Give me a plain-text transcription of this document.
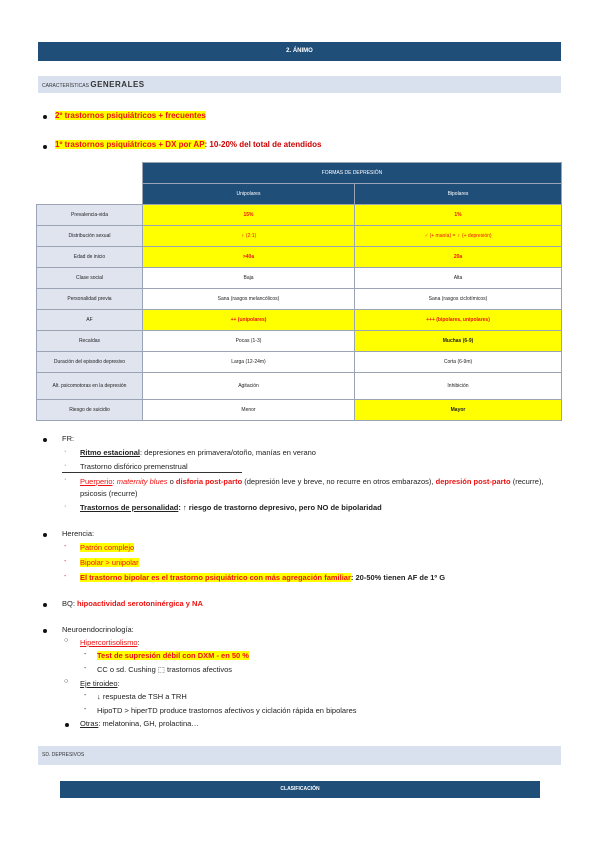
2. ÁNIMO
CARACTERÍSTICAS GENERALES
2º trastornos psiquiátricos + frecuentes
1º trastornos psiquiátricos + DX por AP: 10-20% del total de atendidos
	FORMAS DE DEPRESIÓN	
	Unipolares	Bipolares
Prevalencia-vida	15%	1%
Distribución sexual	♀ (2:1)	♂ (+ manía) = ♀ (+ depresión)
Edad de inicio	>40a	20a
Clase social	Baja	Alta
Personalidad previa	Sana (rasgos melancólicos)	Sana (rasgos ciclotímicos)
AF	++ (unipolares)	+++ (bipolares, unipolares)
Recaídas	Pocas (1-3)	Muchas (6-9)
Duración del episodio depresivo	Larga (12-24m)	Corta (6-9m)
Alt. psicomotoras en la depresión	Agitación	Inhibición
Riesgo de suicidio	Menor	Mayor
FR:
· Ritmo estacional: depresiones en primavera/otoño, manías en verano
· Trastorno disfórico premenstrual
· Puerperio: maternity blues o disforia post-parto (depresión leve y breve, no recurre en otros embarazos), depresión post-parto (recurre), psicosis (recurre)
· Trastornos de personalidad: ↑ riesgo de trastorno depresivo, pero NO de bipolaridad
Herencia:
- Patrón complejo
- Bipolar > unipolar
- El trastorno bipolar es el trastorno psiquiátrico con más agregación familiar: 20-50% tienen AF de 1º G
BQ: hipoactividad serotoninérgica y NA
Neuroendocrinología:
○ Hipercortisolismo:
- Test de supresión débil con DXM - en 50 %
- CC o sd. Cushing ⬚ trastornos afectivos
○ Eje tiroideo:
- ↓ respuesta de TSH a TRH
- HipoTD > hiperTD produce trastornos afectivos y ciclación rápida en bipolares
Otras: melatonina, GH, prolactina…
SD. DEPRESIVOS
CLASIFICACIÓN
